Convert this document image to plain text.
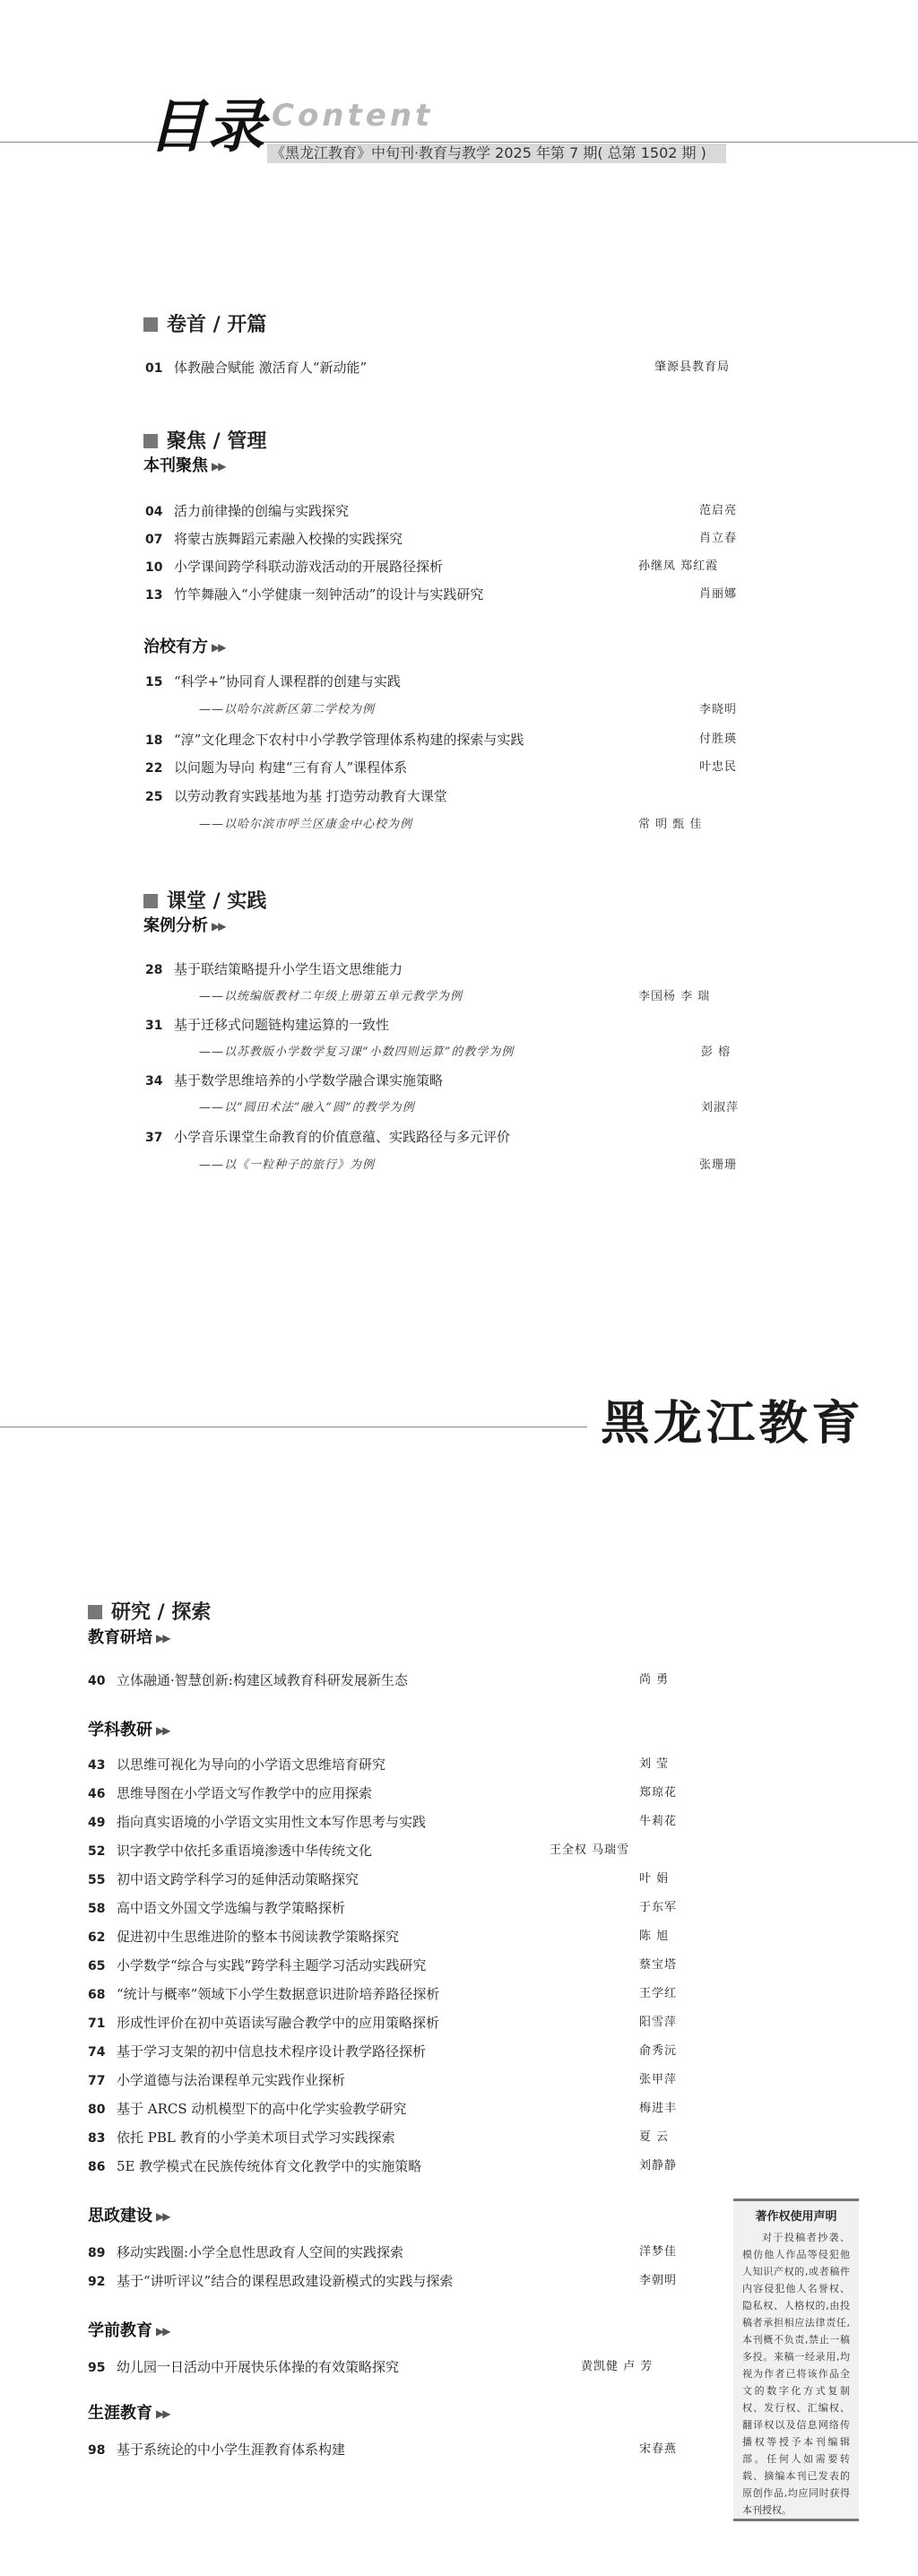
目录 Content
《黑龙江教育》中旬刊·教育与教学 2025 年第 7 期( 总第 1502 期 )
卷首 / 开篇
01 体教融合赋能 激活育人“新动能”	肇源县教育局
聚焦 / 管理
本刊聚焦 ▶▶
04 活力前律操的创编与实践探究	范启亮
07 将蒙古族舞蹈元素融入校操的实践探究	肖立春
10 小学课间跨学科联动游戏活动的开展路径探析	孙继凤 郑红霞
13 竹竿舞融入“小学健康一刻钟活动”的设计与实践研究	肖丽娜
治校有方 ▶▶
15 “科学+”协同育人课程群的创建与实践
——以哈尔滨新区第二学校为例	李晓明
18 “淳”文化理念下农村中小学教学管理体系构建的探索与实践	付胜瑛
22 以问题为导向 构建“三有育人”课程体系	叶忠民
25 以劳动教育实践基地为基 打造劳动教育大课堂
——以哈尔滨市呼兰区康金中心校为例	常 明 甄 佳
课堂 / 实践
案例分析 ▶▶
28 基于联结策略提升小学生语文思维能力
——以统编版教材二年级上册第五单元教学为例	李国杨 李 瑞
31 基于迁移式问题链构建运算的一致性
——以苏教版小学数学复习课“小数四则运算”的教学为例	彭 榕
34 基于数学思维培养的小学数学融合课实施策略
——以“圆田术法”融入“圆”的教学为例	刘淑萍
37 小学音乐课堂生命教育的价值意蕴、实践路径与多元评价
——以《一粒种子的旅行》为例	张珊珊
黑龙江教育
研究 / 探索
教育研培 ▶▶
40 立体融通·智慧创新:构建区域教育科研发展新生态	尚 勇
学科教研 ▶▶
43 以思维可视化为导向的小学语文思维培育研究	刘 莹
46 思维导图在小学语文写作教学中的应用探索	郑琼花
49 指向真实语境的小学语文实用性文本写作思考与实践	牛莉花
52 识字教学中依托多重语境渗透中华传统文化	王全权 马瑞雪
55 初中语文跨学科学习的延伸活动策略探究	叶 娟
58 高中语文外国文学选编与教学策略探析	于东军
62 促进初中生思维进阶的整本书阅读教学策略探究	陈 旭
65 小学数学“综合与实践”跨学科主题学习活动实践研究	蔡宝塔
68 “统计与概率”领域下小学生数据意识进阶培养路径探析	王学红
71 形成性评价在初中英语读写融合教学中的应用策略探析	阳雪萍
74 基于学习支架的初中信息技术程序设计教学路径探析	俞秀沅
77 小学道德与法治课程单元实践作业探析	张甲萍
80 基于 ARCS 动机模型下的高中化学实验教学研究	梅进丰
83 依托 PBL 教育的小学美术项目式学习实践探索	夏 云
86 5E 教学模式在民族传统体育文化教学中的实施策略	刘静静
思政建设 ▶▶
89 移动实践圈:小学全息性思政育人空间的实践探索	洋梦佳
92 基于“讲听评议”结合的课程思政建设新模式的实践与探索	李朝明
学前教育 ▶▶
95 幼儿园一日活动中开展快乐体操的有效策略探究	黄凯健 卢 芳
生涯教育 ▶▶
98 基于系统论的中小学生涯教育体系构建	宋春燕
著作权使用声明
对于投稿者抄袭、模仿他人作品等侵犯他人知识产权的,或者稿件内容侵犯他人名誉权、隐私权、人格权的,由投稿者承担相应法律责任,本刊概不负责,禁止一稿多投。来稿一经录用,均视为作者已将该作品全文的数字化方式复制权、发行权、汇编权、翻译权以及信息网络传播权等授予本刊编辑部。任何人如需要转载、摘编本刊已发表的原创作品,均应同时获得本刊授权。
